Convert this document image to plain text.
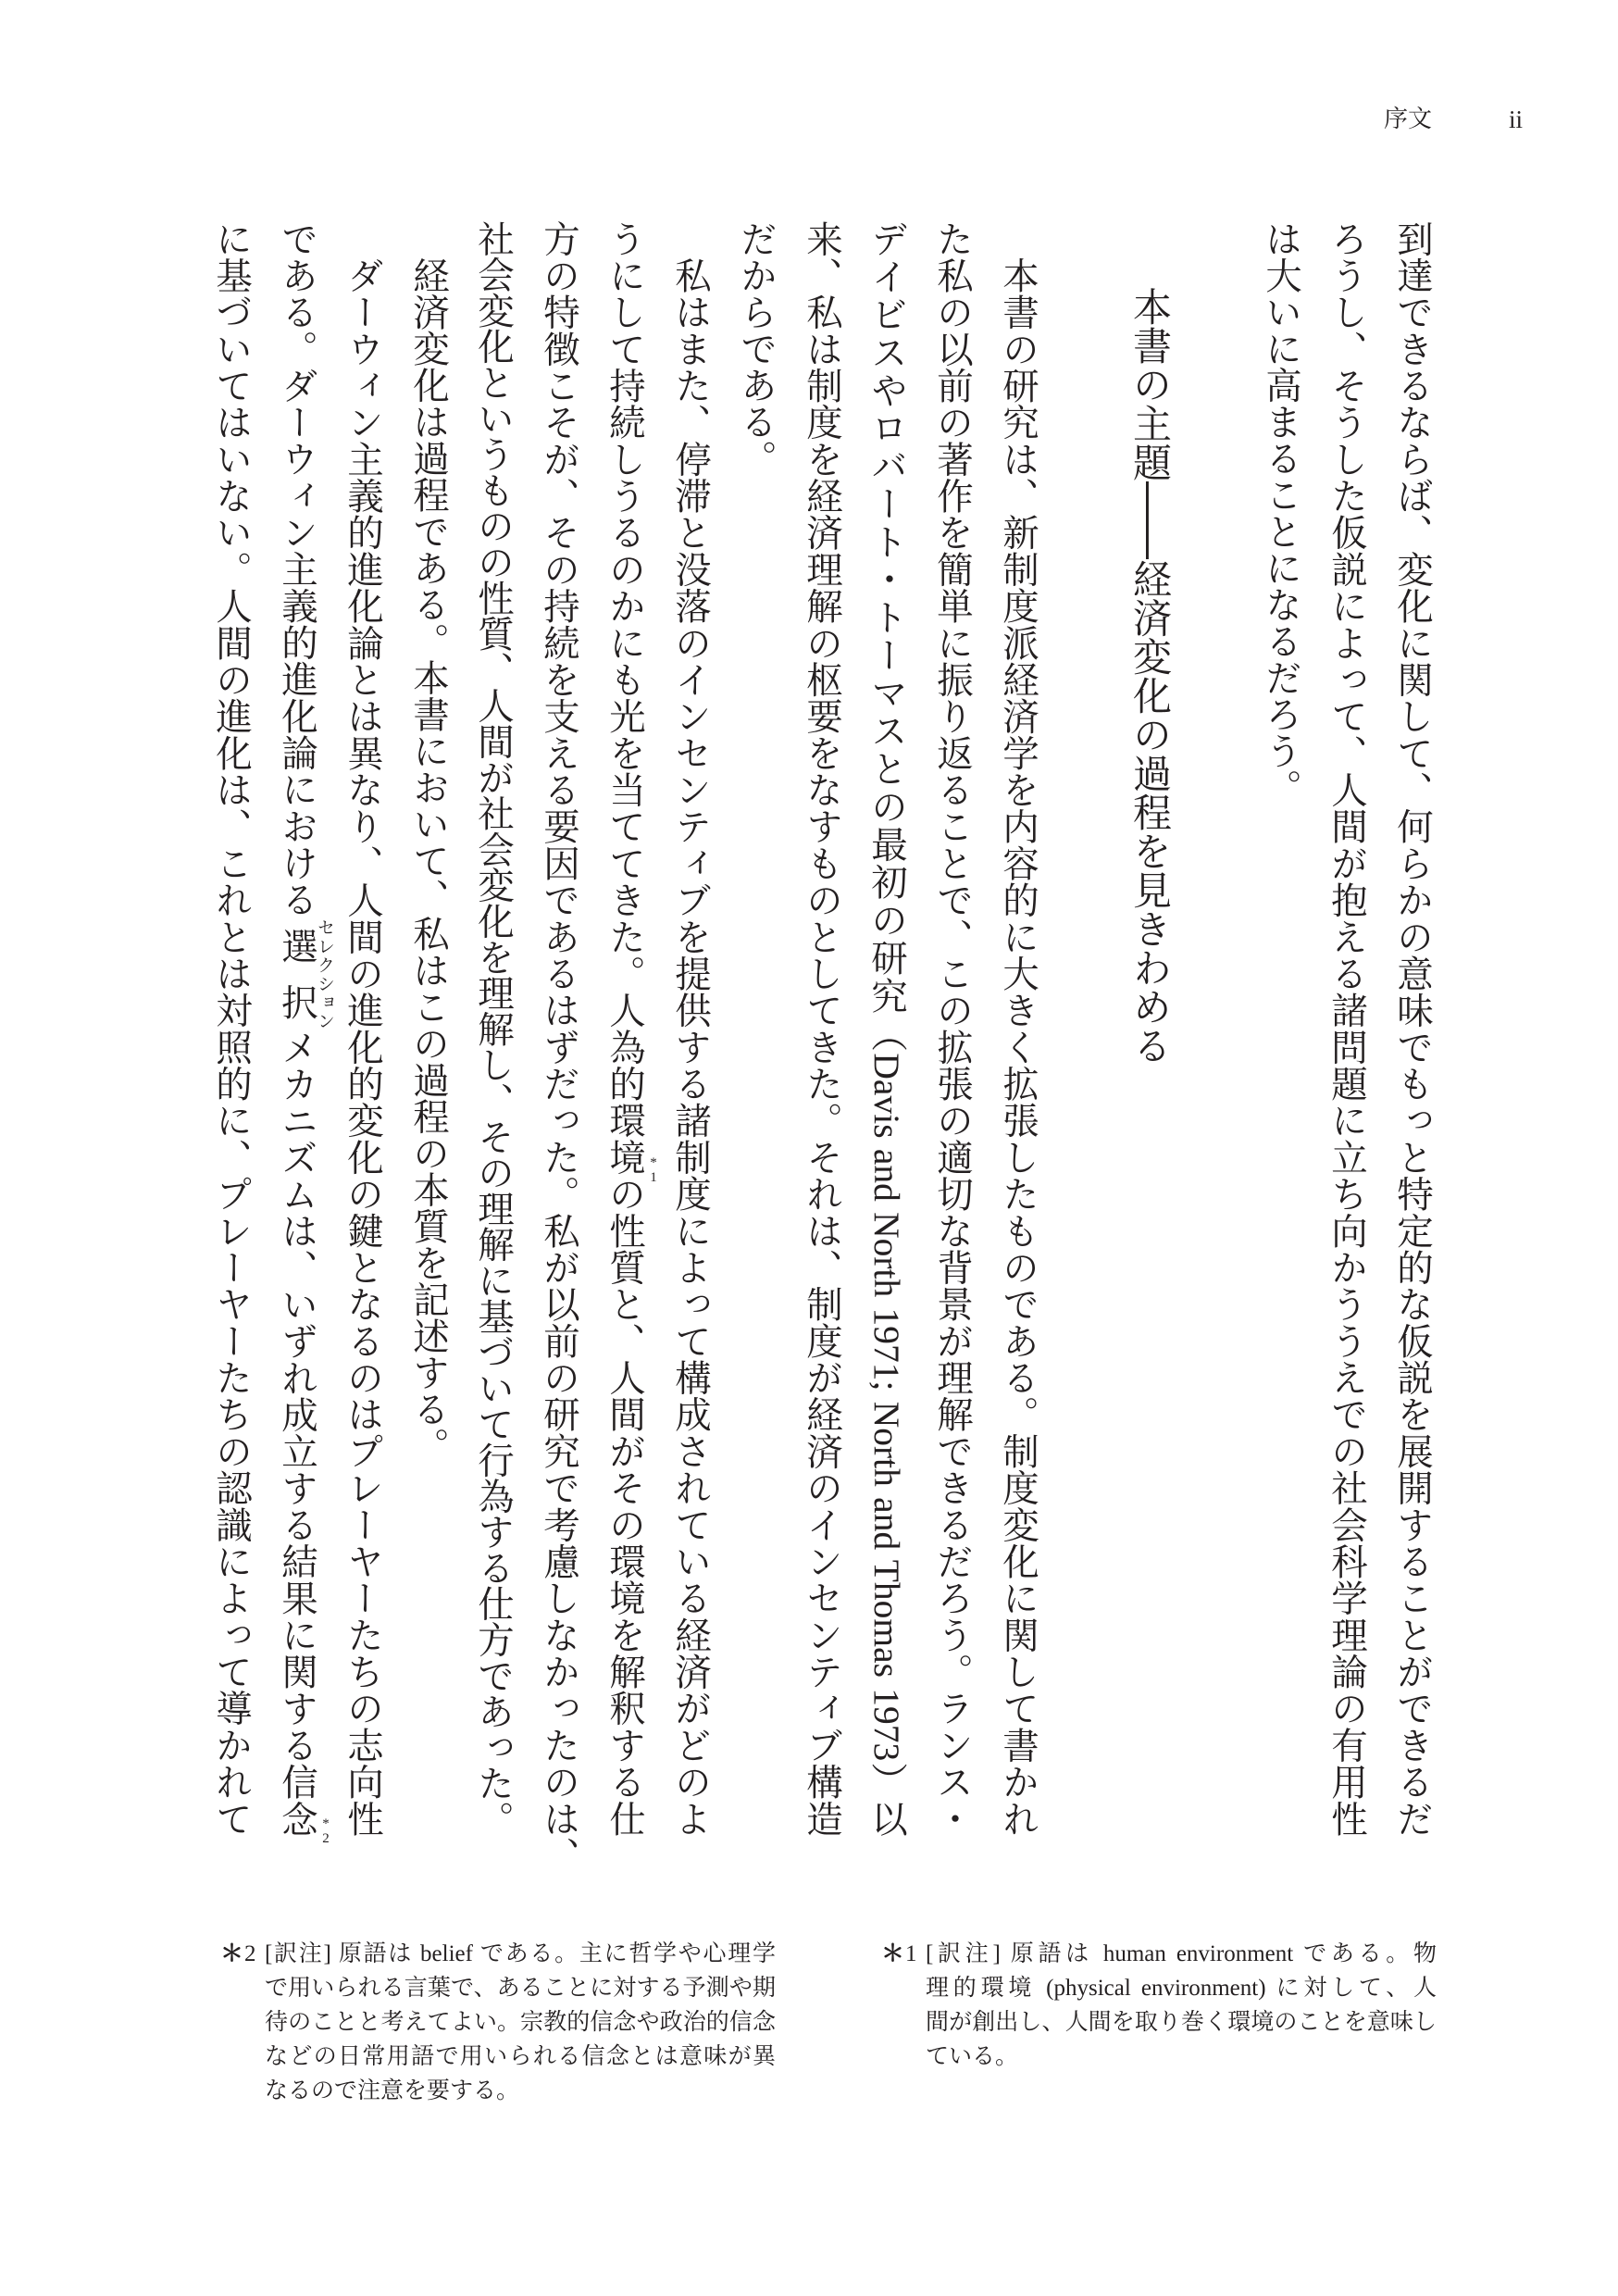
序文	ii
到達できるならば、変化に関して、何らかの意味でもっと特定的な仮説を展開することができるだ
ろうし、そうした仮説によって、人間が抱える諸問題に立ち向かううえでの社会科学理論の有用性
は大いに高まることになるだろう。
本書の主題――経済変化の過程を見きわめる
　本書の研究は、新制度派経済学を内容的に大きく拡張したものである。制度変化に関して書かれ
た私の以前の著作を簡単に振り返ることで、この拡張の適切な背景が理解できるだろう。ランス・
デイビスやロバート・トーマスとの最初の研究（Davis and North 1971; North and Thomas 1973）以
来、私は制度を経済理解の枢要をなすものとしてきた。それは、制度が経済のインセンティブ構造
だからである。
　私はまた、停滞と没落のインセンティブを提供する諸制度によって構成されている経済がどのよ
うにして持続しうるのかにも光を当ててきた。人為的環境 *1
の性質と、人間がその環境を解釈する仕
方の特徴こそが、その持続を支える要因であるはずだった。私が以前の研究で考慮しなかったのは
、
社会変化というものの性質、人間が社会変化を理解し、その理解に基づいて行為する仕方であった。
　経済変化は過程である。本書において、私はこの過程の本質を記述する。
　ダーウィン主義的進化論とは異なり、人間の進化的変化の鍵となるのはプレーヤーたちの志向性
である。ダーウィン主義的進化論における選択
セレクション
メカニズムは、いずれ成立する結果に関する信念 *2
に基づいてはいない。人間の進化は、これとは対照的に、プレーヤーたちの認識によって導かれて
＊ 1 [訳注] 原語は human environment である。物
理的環境 (physical environment) に対して、人
間が創出し、人間を取り巻く環境のことを意味し
ている。
＊ 2 [訳注] 原語は belief である。主に哲学や心理学
で用いられる言葉で、あることに対する予測や期
待のことと考えてよい。宗教的信念や政治的信念
などの日常用語で用いられる信念とは意味が異
なるので注意を要する。
